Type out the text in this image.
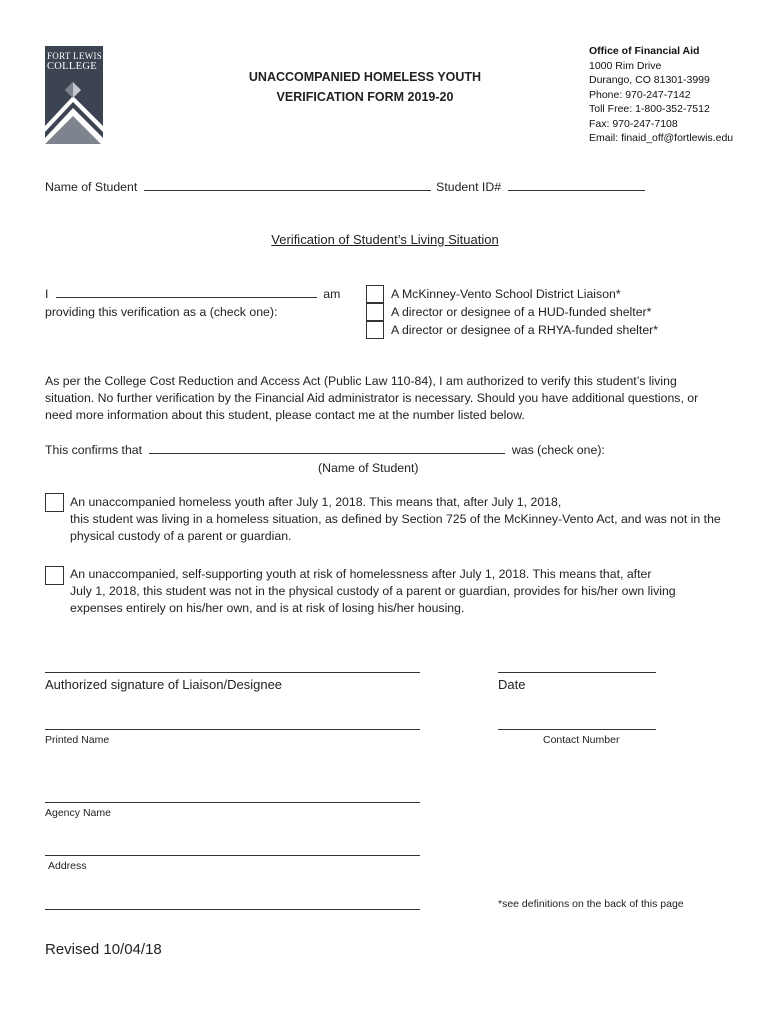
FORT LEWIS
COLLEGE
UNACCOMPANIED HOMELESS YOUTH
VERIFICATION FORM 2019-20
Office of Financial Aid
1000 Rim Drive
Durango, CO 81301-3999
Phone: 970-247-7142
Toll Free: 1-800-352-7512
Fax: 970-247-7108
Email: finaid_off@fortlewis.edu
Name of Student	Student ID#
Verification of Student’s Living Situation
I	am
providing this verification as a (check one):
A McKinney-Vento School District Liaison*
A director or designee of a HUD-funded shelter*
A director or designee of a RHYA-funded shelter*
As per the College Cost Reduction and Access Act (Public Law 110-84), I am authorized to verify this student’s living
situation. No further verification by the Financial Aid administrator is necessary. Should you have additional questions, or
need more information about this student, please contact me at the number listed below.
This confirms that	was (check one):
(Name of Student)
An unaccompanied homeless youth after July 1, 2018. This means that, after July 1, 2018,
this student was living in a homeless situation, as defined by Section 725 of the McKinney-Vento Act, and was not in the
physical custody of a parent or guardian.
An unaccompanied, self-supporting youth at risk of homelessness after July 1, 2018. This means that, after
July 1, 2018, this student was not in the physical custody of a parent or guardian, provides for his/her own living
expenses entirely on his/her own, and is at risk of losing his/her housing.
Authorized signature of Liaison/Designee	Date
Printed Name	Contact Number
Agency Name
Address
*see definitions on the back of this page
Revised 10/04/18
